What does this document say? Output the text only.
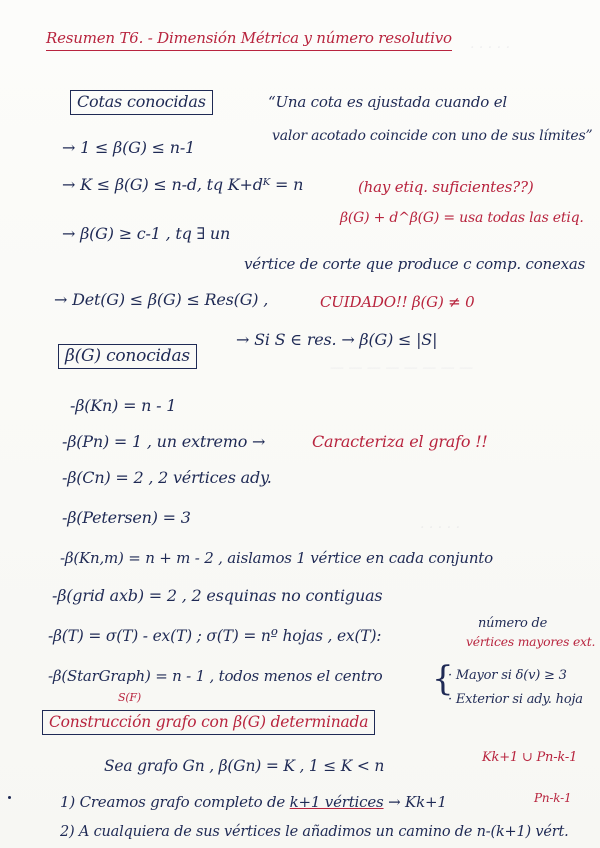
· · · · ·
— — — — — — — —
· · · · ·
Resumen T6. - Dimensión Métrica y número resolutivo
Cotas conocidas	“Una cota es ajustada cuando el
valor acotado coincide con uno de sus límites”
→ 1 ≤ β(G) ≤ n-1
→ K ≤ β(G) ≤ n-d, tq K+dᴷ = n	(hay etiq. suficientes??)
β(G) + d^β(G) = usa todas las etiq.
→ β(G) ≥ c-1 , tq ∃ un
vértice de corte que produce c comp. conexas
→ Det(G) ≤ β(G) ≤ Res(G) ,	CUIDADO!! β(G) ≠ 0
→ Si S ∈ res. → β(G) ≤ |S|
β(G) conocidas
-β(Kn) = n - 1
-β(Pn) = 1 , un extremo →	Caracteriza el grafo !!
-β(Cn) = 2 , 2 vértices ady.
-β(Petersen) = 3
-β(Kn,m) = n + m - 2 , aislamos 1 vértice en cada conjunto
-β(grid axb) = 2 , 2 esquinas no contiguas
-β(T) = σ(T) - ex(T) ; σ(T) = nº hojas , ex(T):
número de
vértices mayores ext.
-β(StarGraph) = n - 1 , todos menos el centro
S(F)	{
· Mayor si δ(v) ≥ 3
· Exterior si ady. hoja
Construcción grafo con β(G) determinada
Sea grafo Gn , β(Gn) = K , 1 ≤ K < n	Kk+1 ∪ Pn-k-1
1) Creamos grafo completo de k+1 vértices → Kk+1	Pn-k-1
2) A cualquiera de sus vértices le añadimos un camino de n-(k+1) vért.
